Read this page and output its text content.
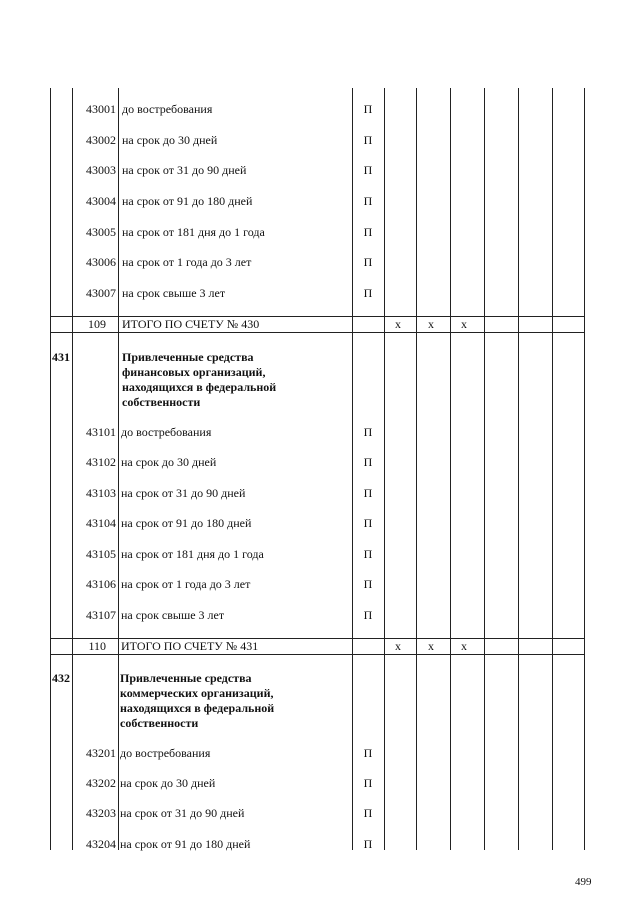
43001 до востребования	П
43002 на срок до 30 дней	П
43003 на срок от 31 до 90 дней	П
43004 на срок от 91 до 180 дней	П
43005 на срок от 181 дня до 1 года	П
43006 на срок от 1 года до 3 лет	П
43007 на срок свыше 3 лет	П
109 ИТОГО ПО СЧЕТУ № 430	x	x	x
431	Привлеченные средства финансовых организаций, находящихся в федеральной собственности
43101 до востребования	П
43102 на срок до 30 дней	П
43103 на срок от 31 до 90 дней	П
43104 на срок от 91 до 180 дней	П
43105 на срок от 181 дня до 1 года	П
43106 на срок от 1 года до 3 лет	П
43107 на срок свыше 3 лет	П
110 ИТОГО ПО СЧЕТУ № 431	x	x	x
432	Привлеченные средства коммерческих организаций, находящихся в федеральной собственности
43201 до востребования	П
43202 на срок до 30 дней	П
43203 на срок от 31 до 90 дней	П
43204 на срок от 91 до 180 дней	П
499
